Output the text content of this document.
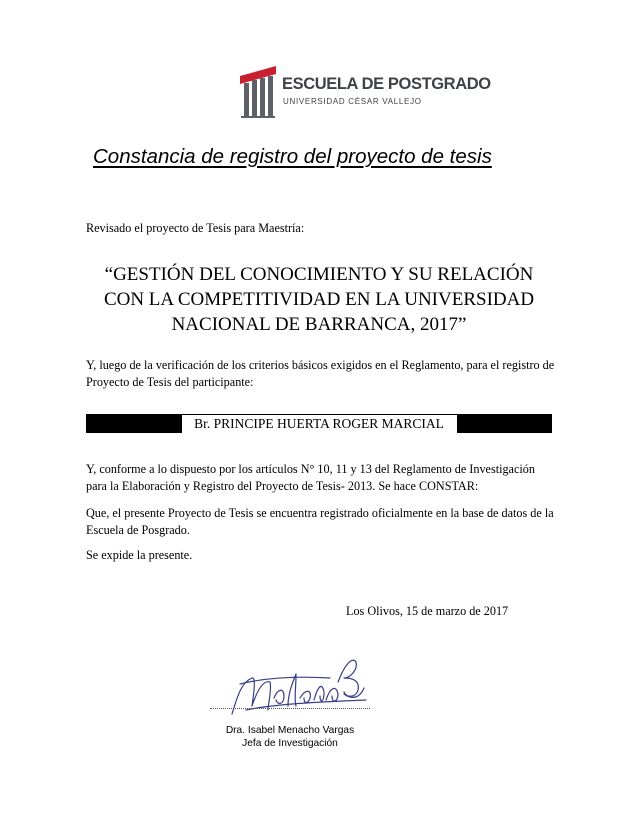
ESCUELA DE POSTGRADO
UNIVERSIDAD CÉSAR VALLEJO
Constancia de registro del proyecto de tesis
Revisado el proyecto de Tesis para Maestría:
“GESTIÓN DEL CONOCIMIENTO Y SU RELACIÓN CON LA COMPETITIVIDAD EN LA UNIVERSIDAD NACIONAL DE BARRANCA, 2017”
Y, luego de la verificación de los criterios básicos exigidos en el Reglamento, para el registro de Proyecto de Tesis del participante:
Br. PRINCIPE HUERTA ROGER MARCIAL
Y, conforme a lo dispuesto por los artículos N° 10, 11 y 13 del Reglamento de Investigación para la Elaboración y Registro del Proyecto de Tesis- 2013. Se hace CONSTAR:
Que, el presente Proyecto de Tesis se encuentra registrado oficialmente en la base de datos de la Escuela de Posgrado.
Se expide la presente.
Los Olivos, 15 de marzo de 2017
Dra. Isabel Menacho Vargas
Jefa de Investigación
